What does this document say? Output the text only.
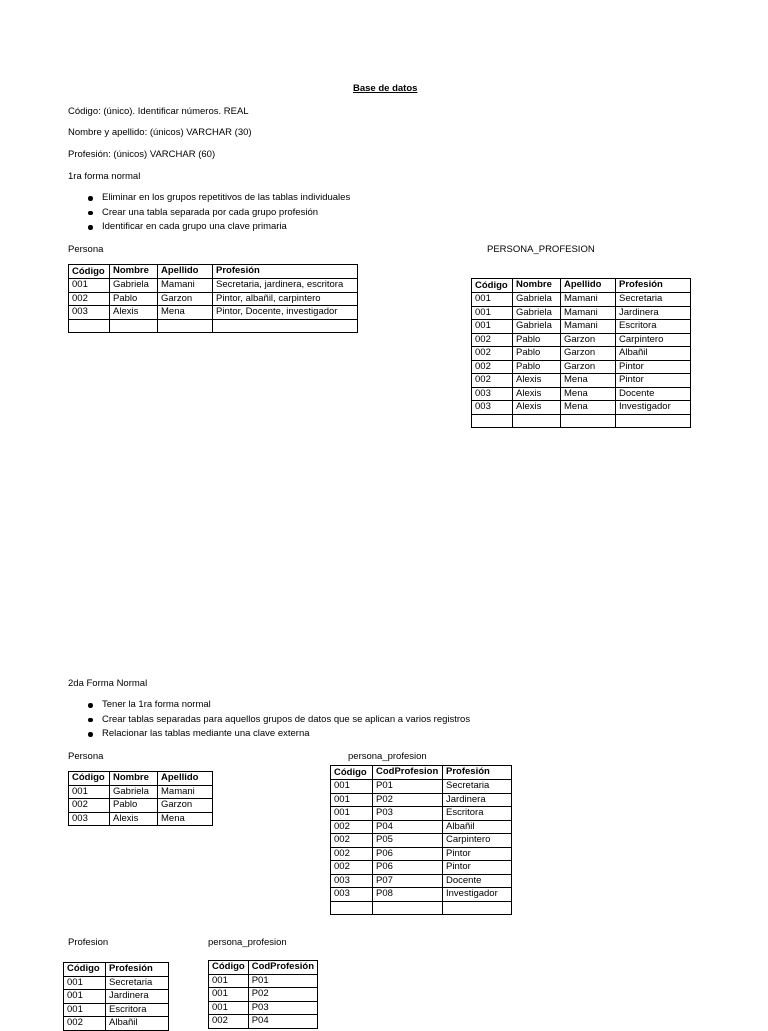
Base de datos
Código: (único). Identificar números. REAL
Nombre y apellido: (únicos) VARCHAR (30)
Profesión: (únicos) VARCHAR (60)
1ra forma normal
Eliminar en los grupos repetitivos de las tablas individuales
Crear una tabla separada por cada grupo profesión
Identificar en cada grupo una clave primaria
Persona	PERSONA_PROFESION
Código	Nombre	Apellido	Profesión
001	Gabriela	Mamani	Secretaria, jardinera, escritora
002	Pablo	Garzon	Pintor, albañil, carpintero
003	Alexis	Mena	Pintor, Docente, investigador

Código	Nombre	Apellido	Profesión
001	Gabriela	Mamani	Secretaria
001	Gabriela	Mamani	Jardinera
001	Gabriela	Mamani	Escritora
002	Pablo	Garzon	Carpintero
002	Pablo	Garzon	Albañil
002	Pablo	Garzon	Pintor
002	Alexis	Mena	Pintor
003	Alexis	Mena	Docente
003	Alexis	Mena	Investigador

2da Forma Normal
Tener la 1ra forma normal
Crear tablas separadas para aquellos grupos de datos que se aplican a varios registros
Relacionar las tablas mediante una clave externa
Persona	persona_profesion
Código	Nombre	Apellido
001	Gabriela	Mamani
002	Pablo	Garzon
003	Alexis	Mena
Código	CodProfesion	Profesión
001	P01	Secretaria
001	P02	Jardinera
001	P03	Escritora
002	P04	Albañil
002	P05	Carpintero
002	P06	Pintor
002	P06	Pintor
003	P07	Docente
003	P08	Investigador

Profesion	persona_profesion
Código	Profesión
001	Secretaria
001	Jardinera
001	Escritora
002	Albañil
Código	CodProfesión
001	P01
001	P02
001	P03
002	P04
